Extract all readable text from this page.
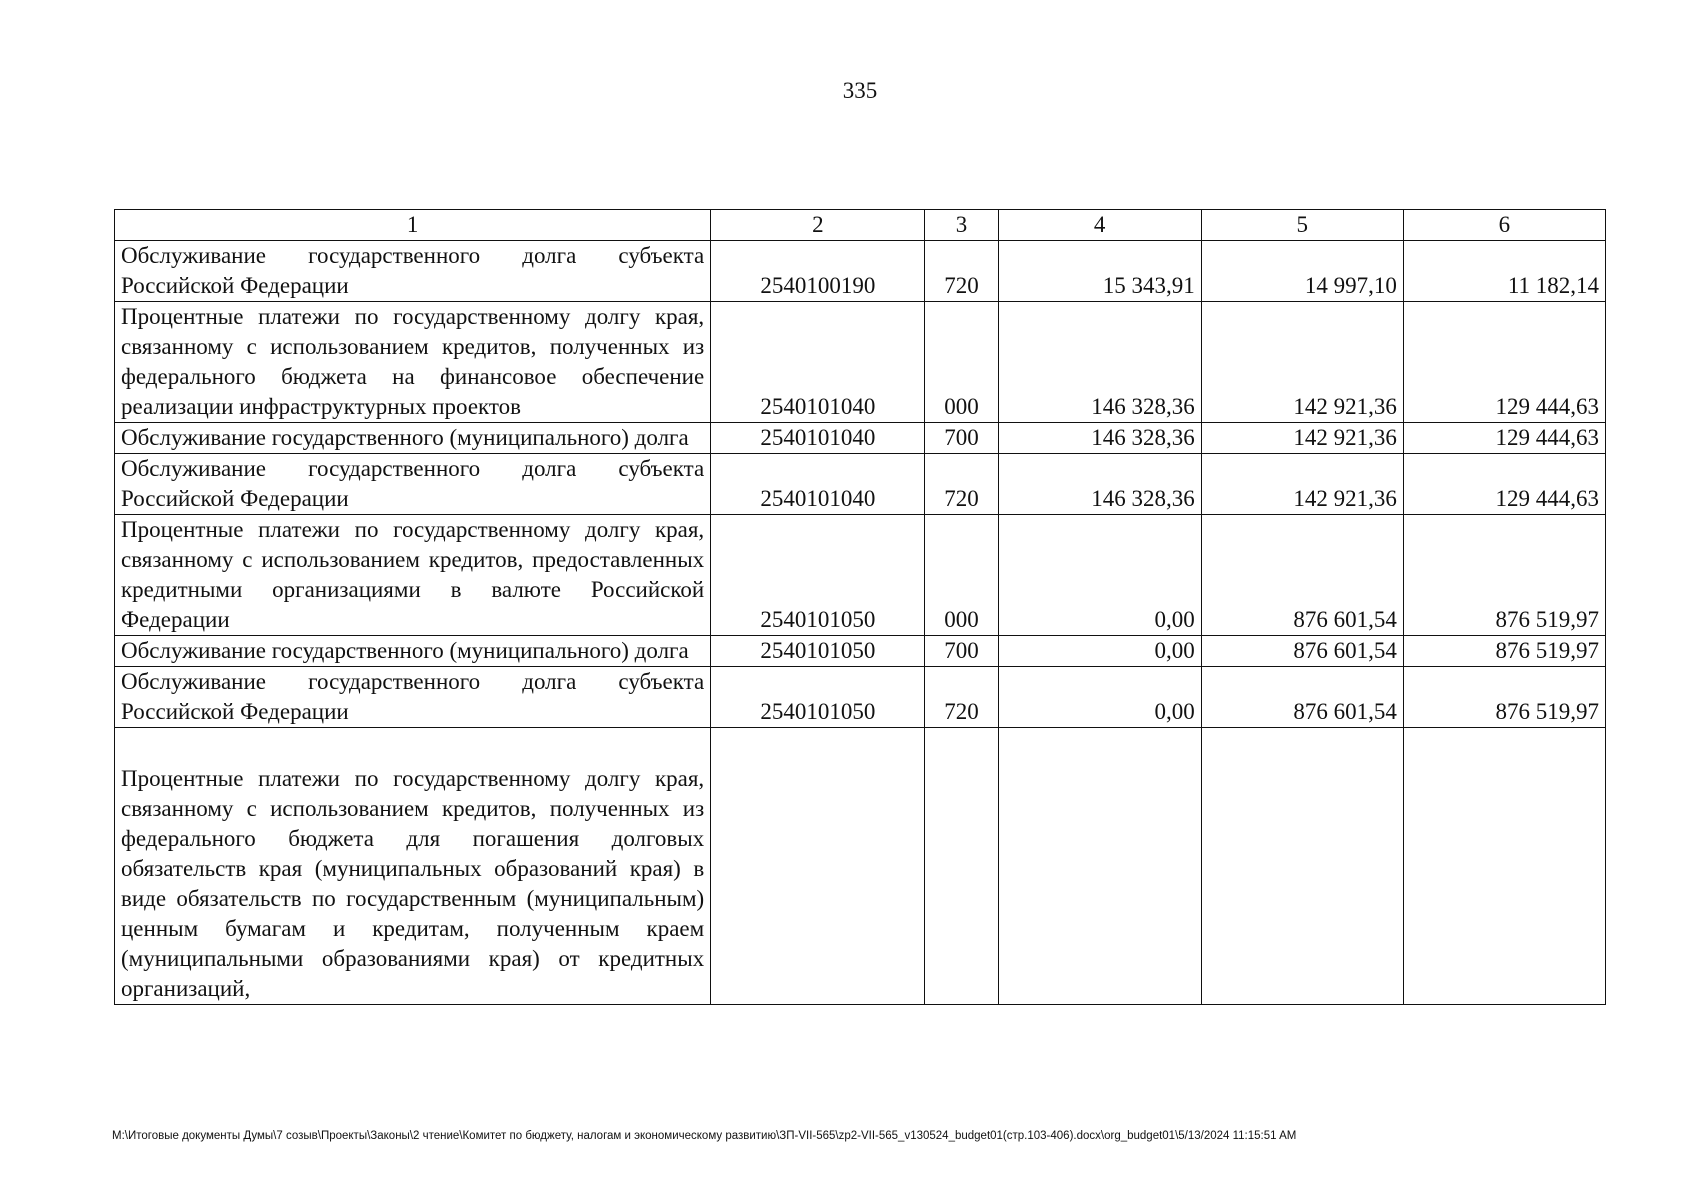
335
1	2	3	4	5	6
Обслуживание государственного долга субъекта Российской Федерации	2540100190	720	15 343,91	14 997,10	11 182,14
Процентные платежи по государственному долгу края, связанному с использованием кредитов, полученных из федерального бюджета на финансовое обеспечение реализации инфраструктурных проектов	2540101040	000	146 328,36	142 921,36	129 444,63
Обслуживание государственного (муниципального) долга	2540101040	700	146 328,36	142 921,36	129 444,63
Обслуживание государственного долга субъекта Российской Федерации	2540101040	720	146 328,36	142 921,36	129 444,63
Процентные платежи по государственному долгу края, связанному с использованием кредитов, предоставленных кредитными организациями в валюте Российской Федерации	2540101050	000	0,00	876 601,54	876 519,97
Обслуживание государственного (муниципального) долга	2540101050	700	0,00	876 601,54	876 519,97
Обслуживание государственного долга субъекта Российской Федерации	2540101050	720	0,00	876 601,54	876 519,97
Процентные платежи по государственному долгу края, связанному с использованием кредитов, полученных из федерального бюджета для погашения долговых обязательств края (муниципальных образований края) в виде обязательств по государственным (муниципальным) ценным бумагам и кредитам, полученным краем (муниципальными образованиями края) от кредитных организаций,					
М:\Итоговые документы Думы\7 созыв\Проекты\Законы\2 чтение\Комитет по бюджету, налогам и экономическому развитию\ЗП-VII-565\zp2-VII-565_v130524_budget01(стр.103-406).docx\org_budget01\5/13/2024 11:15:51 AM
